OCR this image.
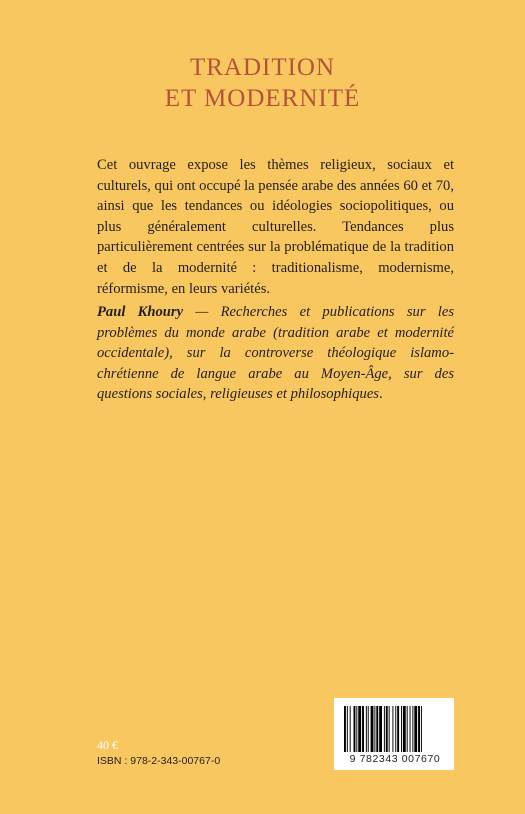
TRADITION
ET MODERNITÉ

Cet ouvrage expose les thèmes religieux, sociaux et culturels, qui ont occupé la pensée arabe des années 60 et 70, ainsi que les tendances ou idéologies sociopolitiques, ou plus généralement culturelles. Tendances plus particulièrement centrées sur la problématique de la tradition et de la modernité : traditionalisme, modernisme, réformisme, en leurs variétés.

Paul Khoury — Recherches et publications sur les problèmes du monde arabe (tradition arabe et modernité occidentale), sur la controverse théologique islamo-chrétienne de langue arabe au Moyen-Âge, sur des questions sociales, religieuses et philosophiques.

40 €
ISBN : 978-2-343-00767-0	9 782343 007670
